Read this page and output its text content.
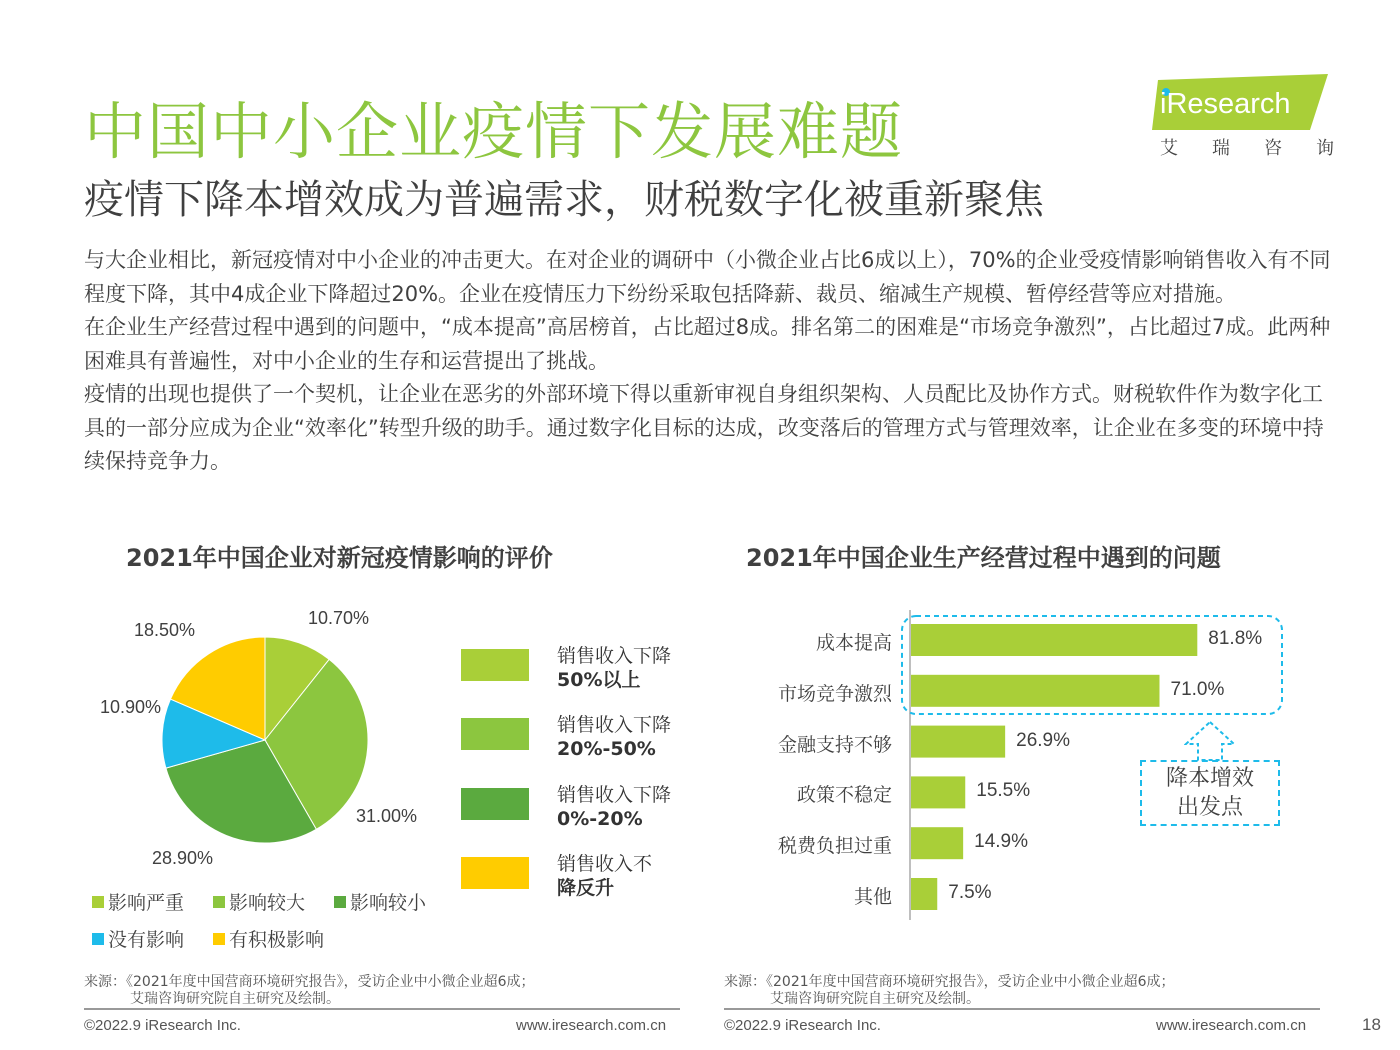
中国中小企业疫情下发展难题
疫情下降本增效成为普遍需求，财税数字化被重新聚焦
iResearch
艾瑞咨询

与大企业相比，新冠疫情对中小企业的冲击更大。在对企业的调研中（小微企业占比6成以上），70%的企业受疫情影响销售收入有不同程度下降，其中4成企业下降超过20%。企业在疫情压力下纷纷采取包括降薪、裁员、缩减生产规模、暂停经营等应对措施。

在企业生产经营过程中遇到的问题中，“成本提高”高居榜首，占比超过8成。排名第二的困难是“市场竞争激烈”，占比超过7成。此两种困难具有普遍性，对中小企业的生存和运营提出了挑战。

疫情的出现也提供了一个契机，让企业在恶劣的外部环境下得以重新审视自身组织架构、人员配比及协作方式。财税软件作为数字化工具的一部分应成为企业“效率化”转型升级的助手。通过数字化目标的达成，改变落后的管理方式与管理效率，让企业在多变的环境中持续保持竞争力。

2021年中国企业对新冠疫情影响的评价	2021年中国企业生产经营过程中遇到的问题
10.70%
31.00%
28.90%
10.90%
18.50%
销售收入下降
50%以上
销售收入下降
20%-50%
销售收入下降
0%-20%
销售收入不
降反升
影响严重 影响较大 影响较小
没有影响 有积极影响
81.8%
成本提高
71.0%
市场竞争激烈
26.9%
金融支持不够
15.5%
政策不稳定
14.9%
税费负担过重
7.5%
其他
降本增效出发点
来源：《2021年度中国营商环境研究报告》，受访企业中小微企业超6成；
艾瑞咨询研究院自主研究及绘制。
来源：《2021年度中国营商环境研究报告》，受访企业中小微企业超6成；
艾瑞咨询研究院自主研究及绘制。
©2022.9 iResearch Inc.	www.iresearch.com.cn	©2022.9 iResearch Inc.	www.iresearch.com.cn	18
